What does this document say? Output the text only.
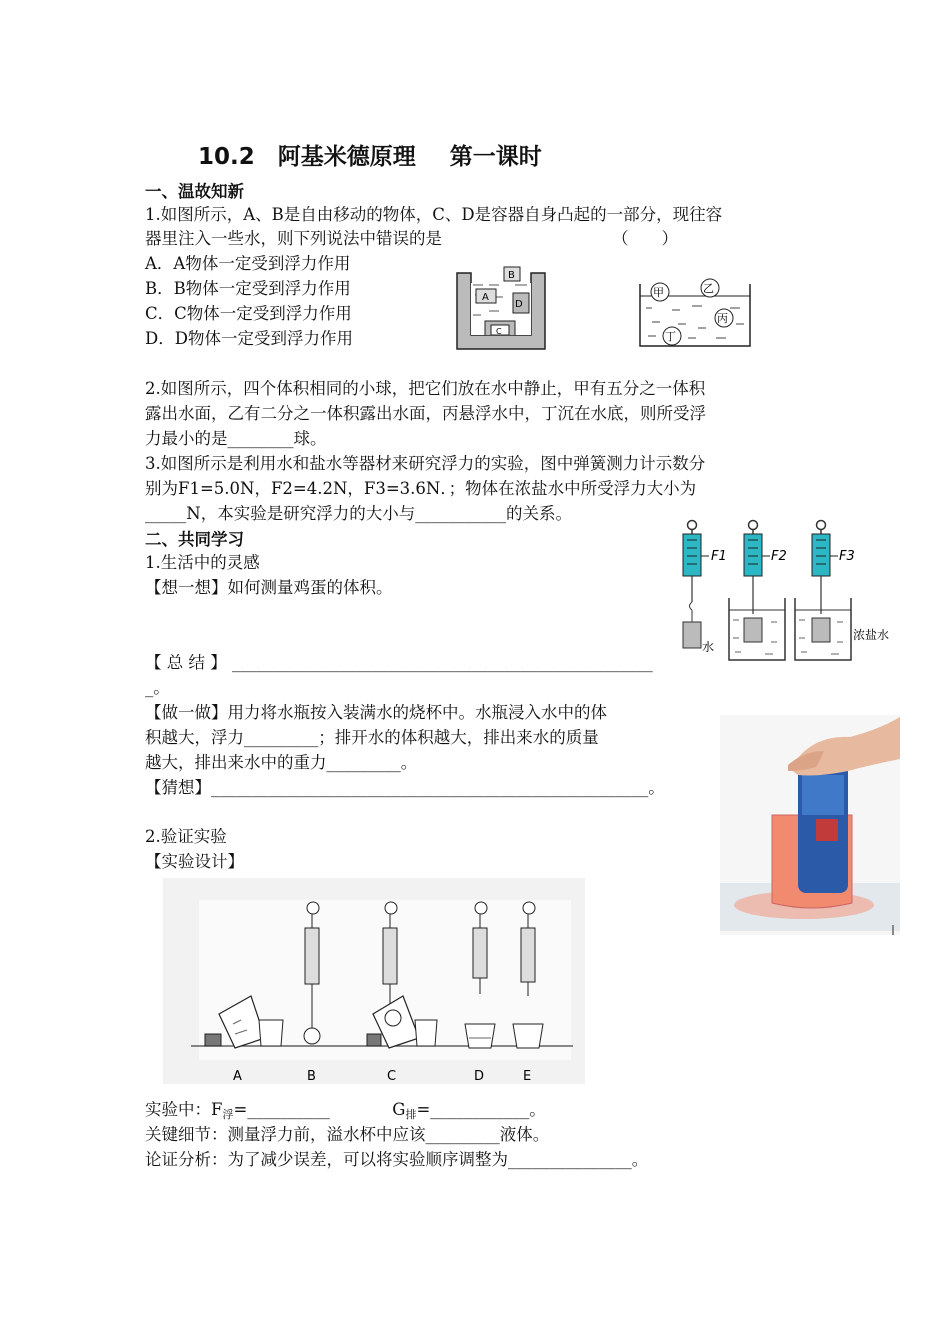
10.2　阿基米德原理 第一课时
一、温故知新
1.如图所示，A、B是自由移动的物体，C、D是容器自身凸起的一部分，现往容
器里注入一些水，则下列说法中错误的是	（　　）
A．A物体一定受到浮力作用
B．B物体一定受到浮力作用
C．C物体一定受到浮力作用
D．D物体一定受到浮力作用
B
A
D
C
甲	乙
丙
丁
2.如图所示，四个体积相同的小球，把它们放在水中静止，甲有五分之一体积
露出水面，乙有二分之一体积露出水面，丙悬浮水中，丁沉在水底，则所受浮
力最小的是________球。
3.如图所示是利用水和盐水等器材来研究浮力的实验，图中弹簧测力计示数分
别为F1=5.0N，F2=4.2N，F3=3.6N．；物体在浓盐水中所受浮力大小为
_____N，本实验是研究浮力的大小与___________的关系。
F1
水
F2	F3
浓盐水
二、共同学习
1.生活中的灵感
【想一想】如何测量鸡蛋的体积。
【 总 结 】 ___________________________________________________
_。
【做一做】用力将水瓶按入装满水的烧杯中。水瓶浸入水中的体
积越大，浮力_________；排开水的体积越大，排出来水的质量
越大，排出来水中的重力_________。
【猜想】_____________________________________________________。
2.验证实验
【实验设计】
A	B	C	D	E
实验中：F浮=__________	G排=____________。
关键细节：测量浮力前，溢水杯中应该_________液体。
论证分析：为了减少误差，可以将实验顺序调整为_______________。
